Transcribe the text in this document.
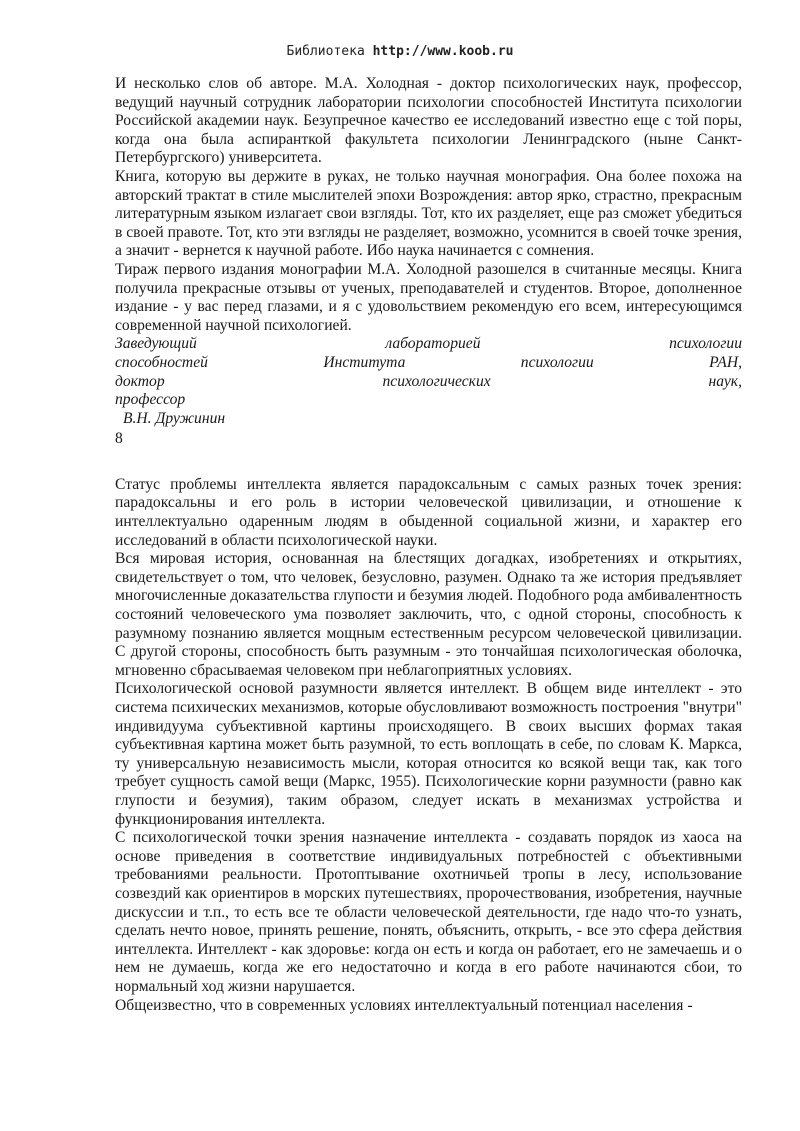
Библиотека http://www.koob.ru

И несколько слов об авторе. М.А. Холодная - доктор психологических наук, профессор, ведущий научный сотрудник лаборатории психологии способностей Института психологии Российской академии наук. Безупречное качество ее исследований известно еще с той поры, когда она была аспиранткой факультета психологии Ленинградского (ныне Санкт-Петербургского) университета.

Книга, которую вы держите в руках, не только научная монография. Она более похожа на авторский трактат в стиле мыслителей эпохи Возрождения: автор ярко, страстно, прекрасным литературным языком излагает свои взгляды. Тот, кто их разделяет, еще раз сможет убедиться в своей правоте. Тот, кто эти взгляды не разделяет, возможно, усомнится в своей точке зрения, а значит - вернется к научной работе. Ибо наука начинается с сомнения.

Тираж первого издания монографии М.А. Холодной разошелся в считанные месяцы. Книга получила прекрасные отзывы от ученых, преподавателей и студентов. Второе, дополненное издание - у вас перед глазами, и я с удовольствием рекомендую его всем, интересующимся современной научной психологией.

Заведующий	лабораторией	психологии
способностей	Института	психологии	РАН,
доктор	психологических	наук,
профессор
В.Н. Дружинин
8

Статус проблемы интеллекта является парадоксальным с самых разных точек зрения: парадоксальны и его роль в истории человеческой цивилизации, и отношение к интеллектуально одаренным людям в обыденной социальной жизни, и характер его исследований в области психологической науки.

Вся мировая история, основанная на блестящих догадках, изобретениях и открытиях, свидетельствует о том, что человек, безусловно, разумен. Однако та же история предъявляет многочисленные доказательства глупости и безумия людей. Подобного рода амбивалентность состояний человеческого ума позволяет заключить, что, с одной стороны, способность к разумному познанию является мощным естественным ресурсом человеческой цивилизации. С другой стороны, способность быть разумным - это тончайшая психологическая оболочка, мгновенно сбрасываемая человеком при неблагоприятных условиях.

Психологической основой разумности является интеллект. В общем виде интеллект - это система психических механизмов, которые обусловливают возможность построения "внутри" индивидуума субъективной картины происходящего. В своих высших формах такая субъективная картина может быть разумной, то есть воплощать в себе, по словам К. Маркса, ту универсальную независимость мысли, которая относится ко всякой вещи так, как того требует сущность самой вещи (Маркс, 1955). Психологические корни разумности (равно как глупости и безумия), таким образом, следует искать в механизмах устройства и функционирования интеллекта.

С психологической точки зрения назначение интеллекта - создавать порядок из хаоса на основе приведения в соответствие индивидуальных потребностей с объективными требованиями реальности. Протоптывание охотничьей тропы в лесу, использование созвездий как ориентиров в морских путешествиях, пророчествования, изобретения, научные дискуссии и т.п., то есть все те области человеческой деятельности, где надо что-то узнать, сделать нечто новое, принять решение, понять, объяснить, открыть, - все это сфера действия интеллекта. Интеллект - как здоровье: когда он есть и когда он работает, его не замечаешь и о нем не думаешь, когда же его недостаточно и когда в его работе начинаются сбои, то нормальный ход жизни нарушается.

Общеизвестно, что в современных условиях интеллектуальный потенциал населения -
